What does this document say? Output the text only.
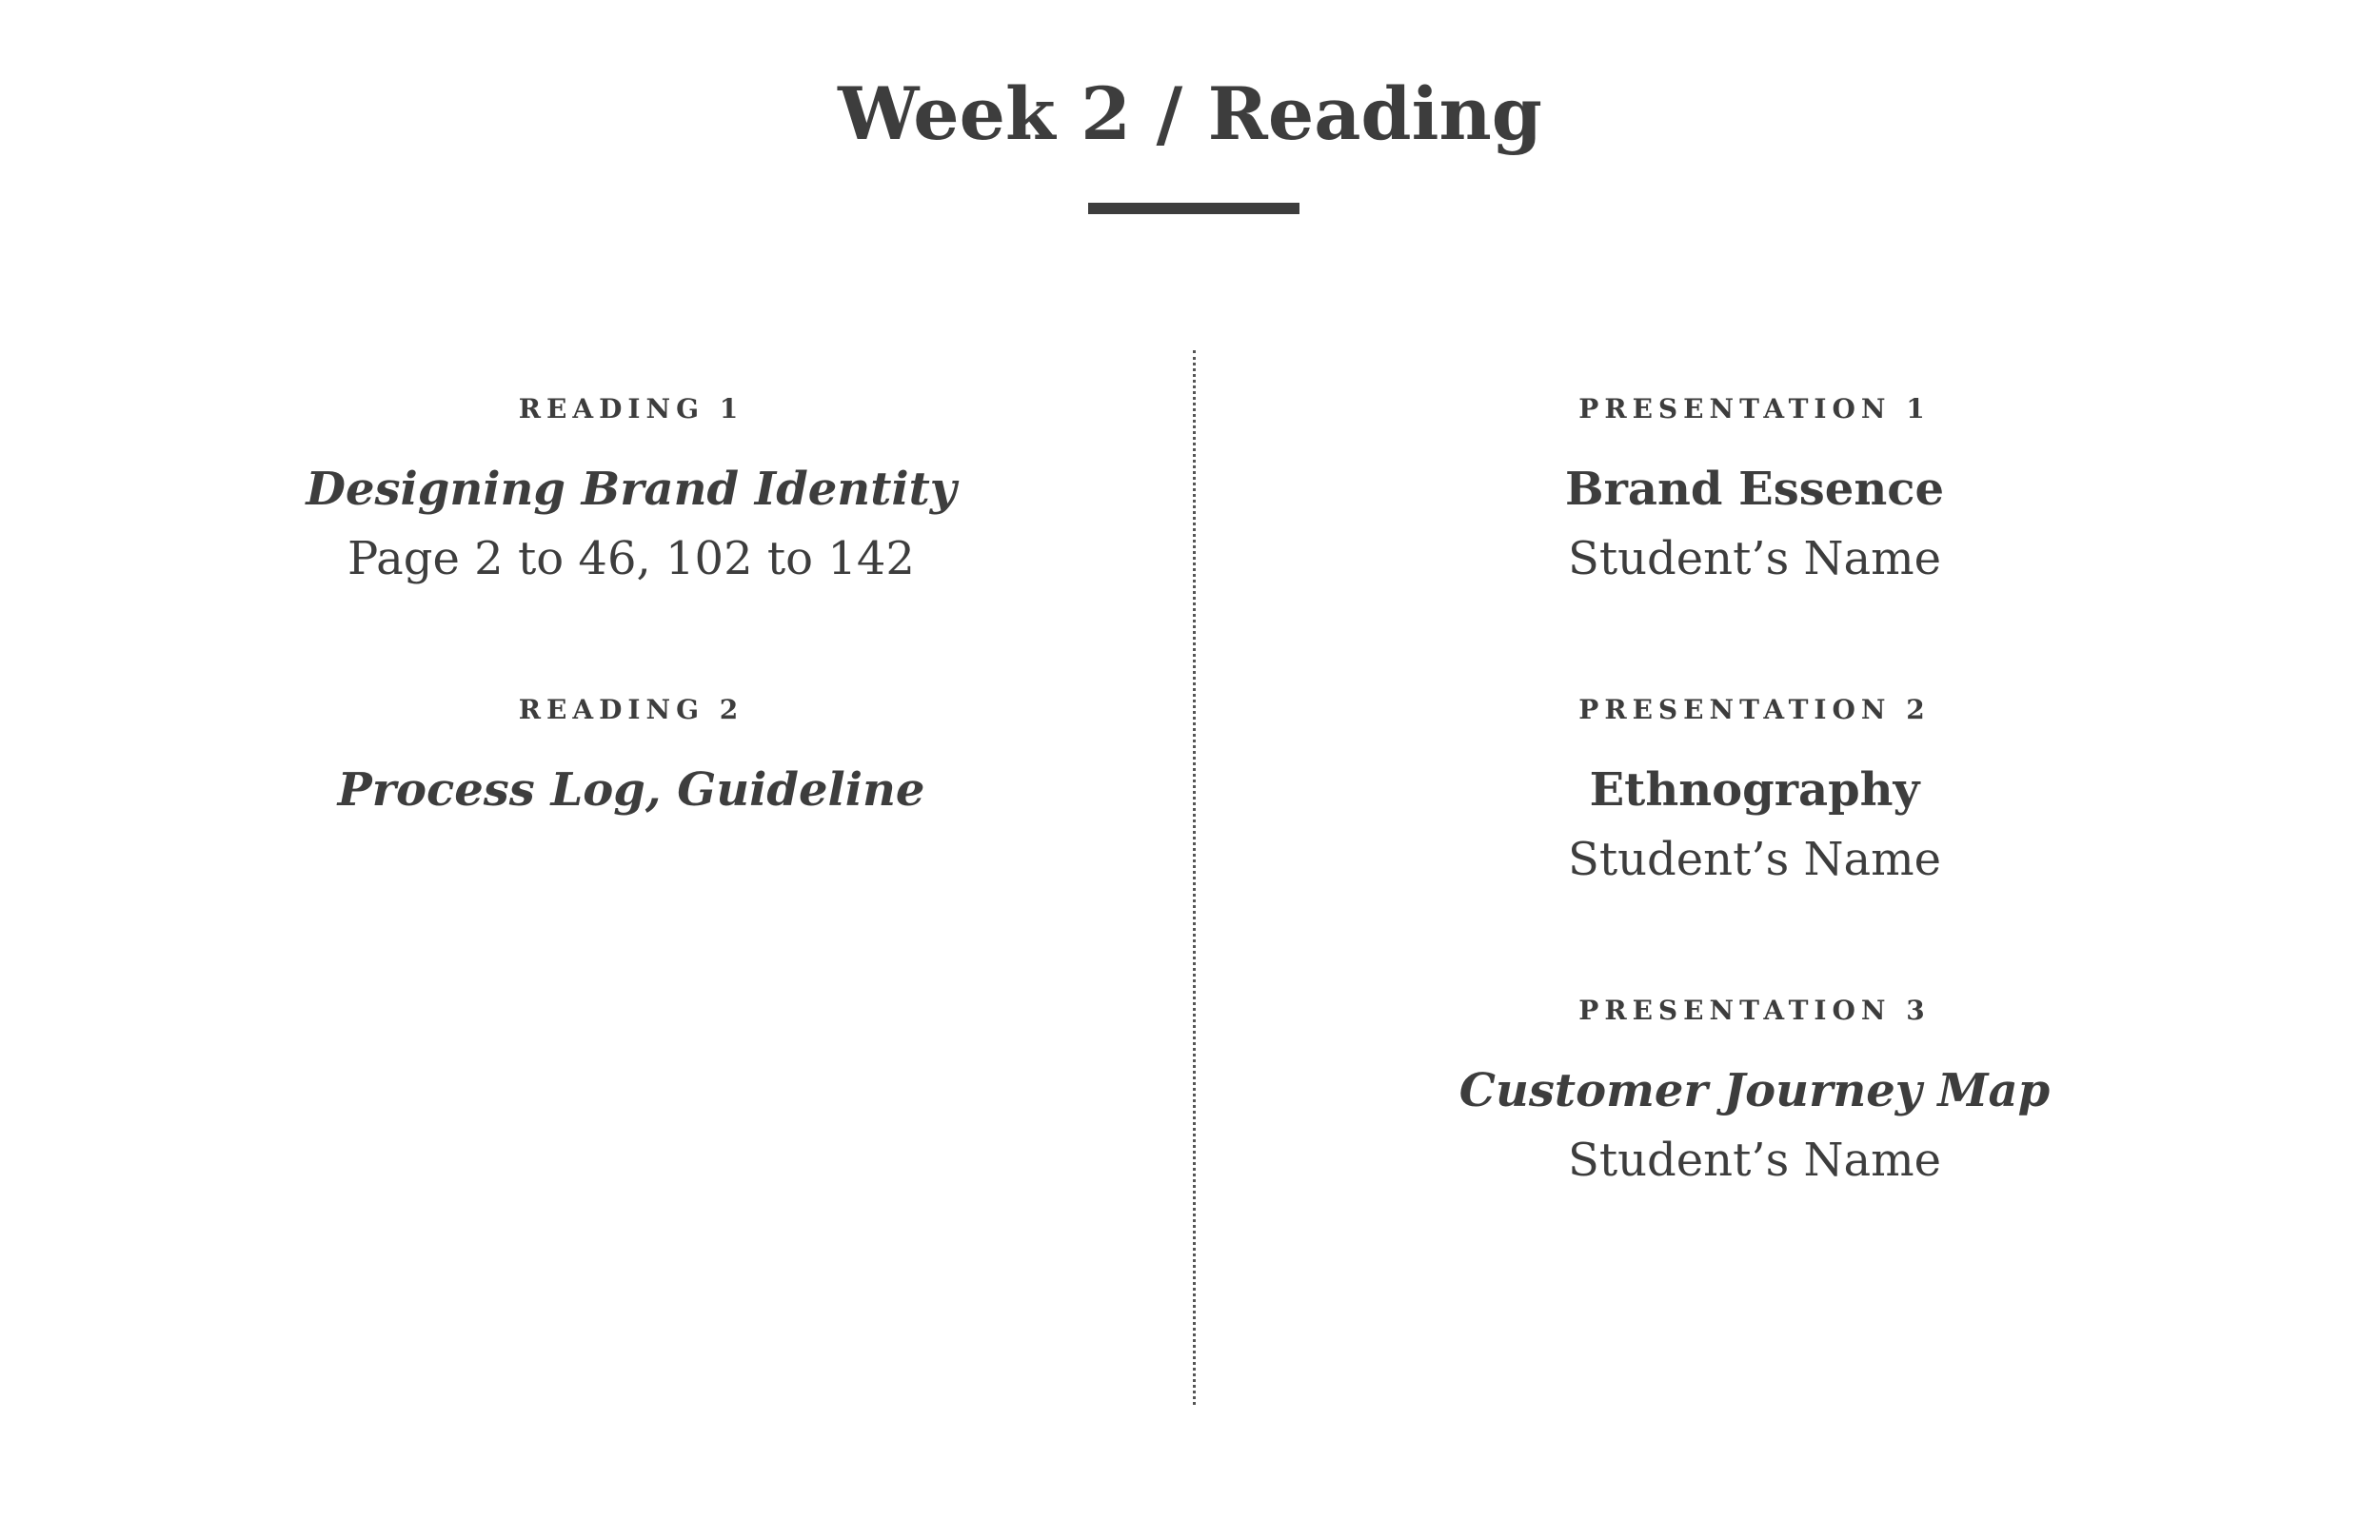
Week 2 / Reading
READING 1
Designing Brand Identity
Page 2 to 46, 102 to 142
READING 2
Process Log, Guideline
PRESENTATION 1
Brand Essence
Student’s Name
PRESENTATION 2
Ethnography
Student’s Name
PRESENTATION 3
Customer Journey Map
Student’s Name
